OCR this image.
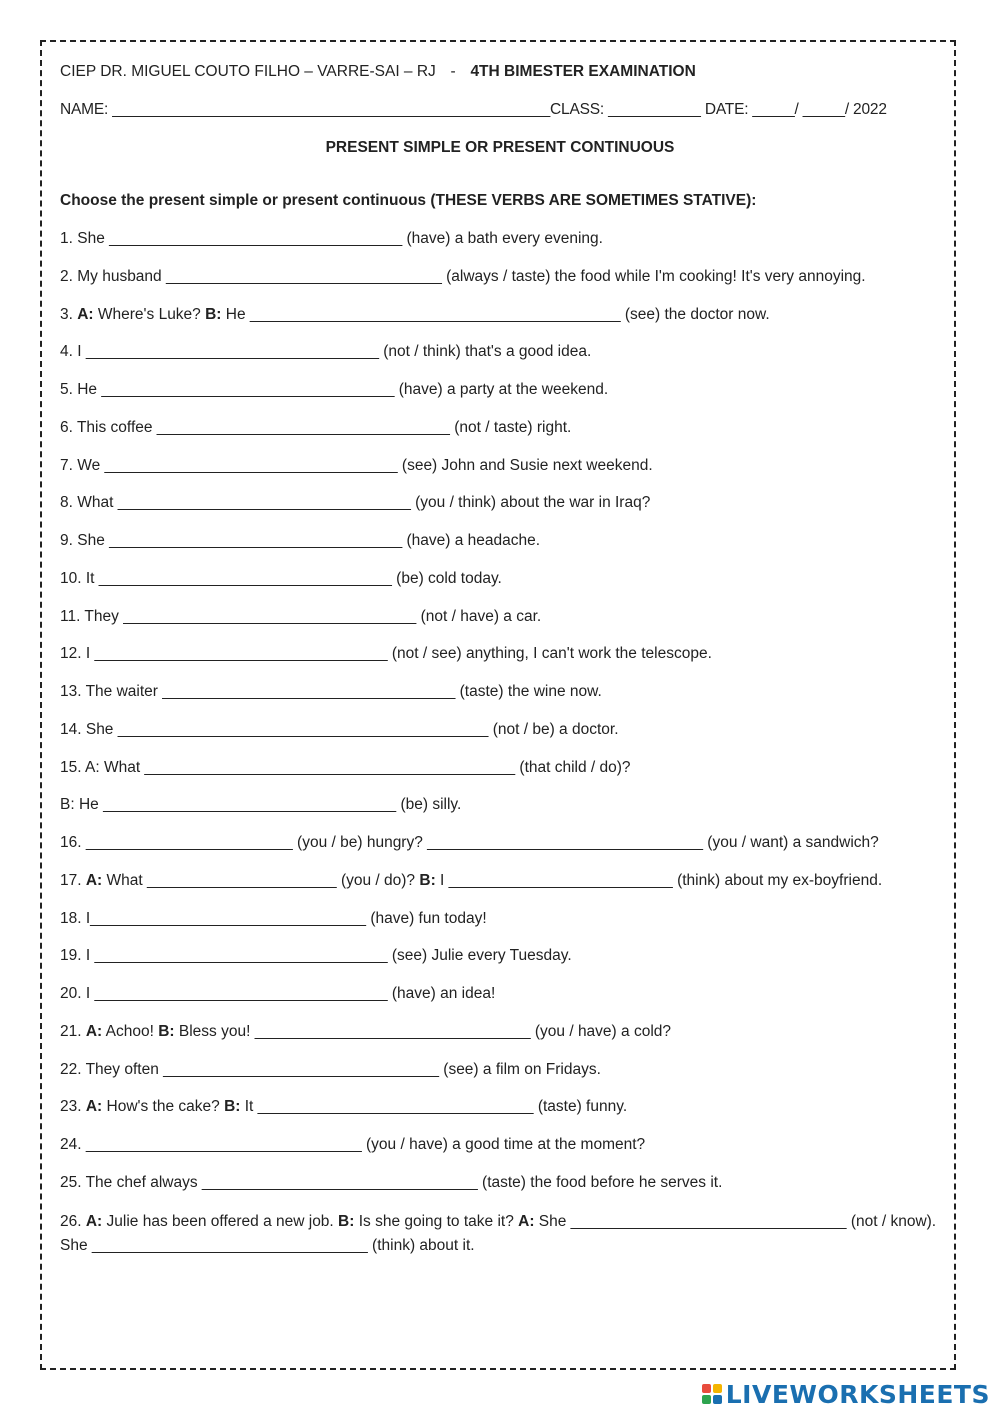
CIEP DR. MIGUEL COUTO FILHO – VARRE-SAI – RJ - 4TH BIMESTER EXAMINATION
NAME: ____________________________________________________CLASS: ___________ DATE: _____/ _____/ 2022
PRESENT SIMPLE OR PRESENT CONTINUOUS
Choose the present simple or present continuous (THESE VERBS ARE SOMETIMES STATIVE):
1. She __________________________________ (have) a bath every evening.
2. My husband ________________________________ (always / taste) the food while I'm cooking! It's very annoying.
3. A: Where's Luke? B: He ___________________________________________ (see) the doctor now.
4. I __________________________________ (not / think) that's a good idea.
5. He __________________________________ (have) a party at the weekend.
6. This coffee __________________________________ (not / taste) right.
7. We __________________________________ (see) John and Susie next weekend.
8. What __________________________________ (you / think) about the war in Iraq?
9. She __________________________________ (have) a headache.
10. It __________________________________ (be) cold today.
11. They __________________________________ (not / have) a car.
12. I __________________________________ (not / see) anything, I can't work the telescope.
13. The waiter __________________________________ (taste) the wine now.
14. She ___________________________________________ (not / be) a doctor.
15. A: What ___________________________________________ (that child / do)?
B: He __________________________________ (be) silly.
16. ________________________ (you / be) hungry? ________________________________ (you / want) a sandwich?
17. A: What ______________________ (you / do)? B: I __________________________ (think) about my ex-boyfriend.
18. I________________________________ (have) fun today!
19. I __________________________________ (see) Julie every Tuesday.
20. I __________________________________ (have) an idea!
21. A: Achoo! B: Bless you! ________________________________ (you / have) a cold?
22. They often ________________________________ (see) a film on Fridays.
23. A: How's the cake? B: It ________________________________ (taste) funny.
24. ________________________________ (you / have) a good time at the moment?
25. The chef always ________________________________ (taste) the food before he serves it.
26. A: Julie has been offered a new job. B: Is she going to take it? A: She ________________________________ (not / know). She ________________________________ (think) about it.
LIVEWORKSHEETS
